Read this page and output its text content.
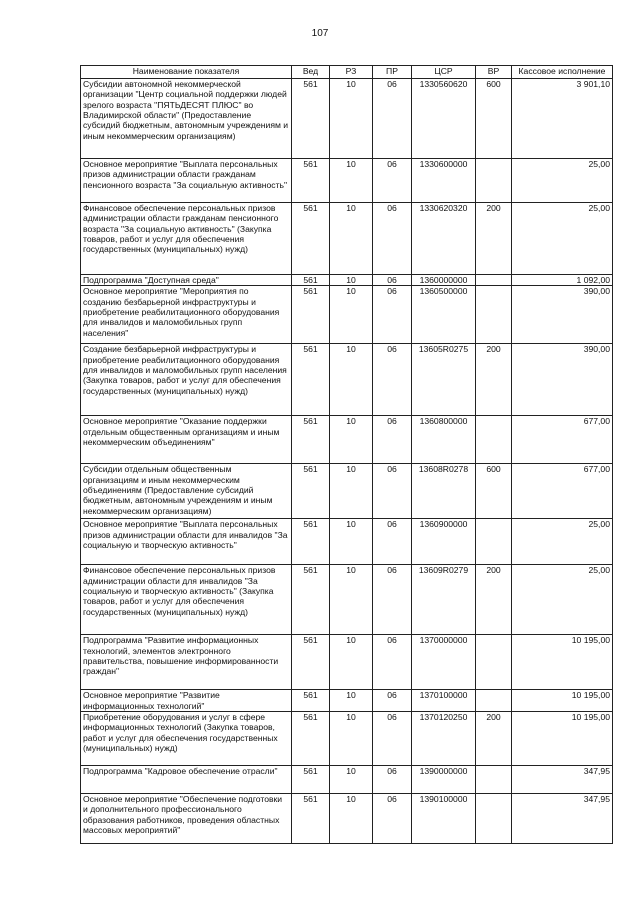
107
Наименование показателя	Вед	РЗ	ПР	ЦСР	ВР	Кассовое исполнение
Субсидии автономной некоммерческой организации "Центр социальной поддержки людей зрелого возраста "ПЯТЬДЕСЯТ ПЛЮС" во Владимирской области" (Предоставление субсидий бюджетным, автономным учреждениям и иным некоммерческим организациям)	561	10	06	1330560620	600	3 901,10
Основное мероприятие "Выплата персональных призов администрации области гражданам пенсионного возраста "За социальную активность"	561	10	06	1330600000		25,00
Финансовое обеспечение персональных призов администрации области гражданам пенсионного возраста "За социальную активность" (Закупка товаров, работ и услуг для обеспечения государственных (муниципальных) нужд)	561	10	06	1330620320	200	25,00
Подпрограмма "Доступная среда"	561	10	06	1360000000		1 092,00
Основное мероприятие "Мероприятия по созданию безбарьерной инфраструктуры и приобретение реабилитационного оборудования для инвалидов и маломобильных групп населения"	561	10	06	1360500000		390,00
Создание безбарьерной инфраструктуры и приобретение реабилитационного оборудования для инвалидов и маломобильных групп населения (Закупка товаров, работ и услуг для обеспечения государственных (муниципальных) нужд)	561	10	06	13605R0275	200	390,00
Основное мероприятие "Оказание поддержки отдельным общественным организациям и иным некоммерческим объединениям"	561	10	06	1360800000		677,00
Субсидии отдельным общественным организациям и иным некоммерческим объединениям (Предоставление субсидий бюджетным, автономным учреждениям и иным некоммерческим организациям)	561	10	06	13608R0278	600	677,00
Основное мероприятие "Выплата персональных призов администрации области для инвалидов "За социальную и творческую активность"	561	10	06	1360900000		25,00
Финансовое обеспечение персональных призов администрации области для инвалидов "За социальную и творческую активность" (Закупка товаров, работ и услуг для обеспечения государственных (муниципальных) нужд)	561	10	06	13609R0279	200	25,00
Подпрограмма "Развитие информационных технологий, элементов электронного правительства, повышение информированности граждан"	561	10	06	1370000000		10 195,00
Основное мероприятие "Развитие информационных технологий"	561	10	06	1370100000		10 195,00
Приобретение оборудования и услуг в сфере информационных технологий (Закупка товаров, работ и услуг для обеспечения государственных (муниципальных) нужд)	561	10	06	1370120250	200	10 195,00
Подпрограмма "Кадровое обеспечение отрасли"	561	10	06	1390000000		347,95
Основное мероприятие "Обеспечение подготовки и дополнительного профессионального образования работников, проведения областных массовых мероприятий"	561	10	06	1390100000		347,95
